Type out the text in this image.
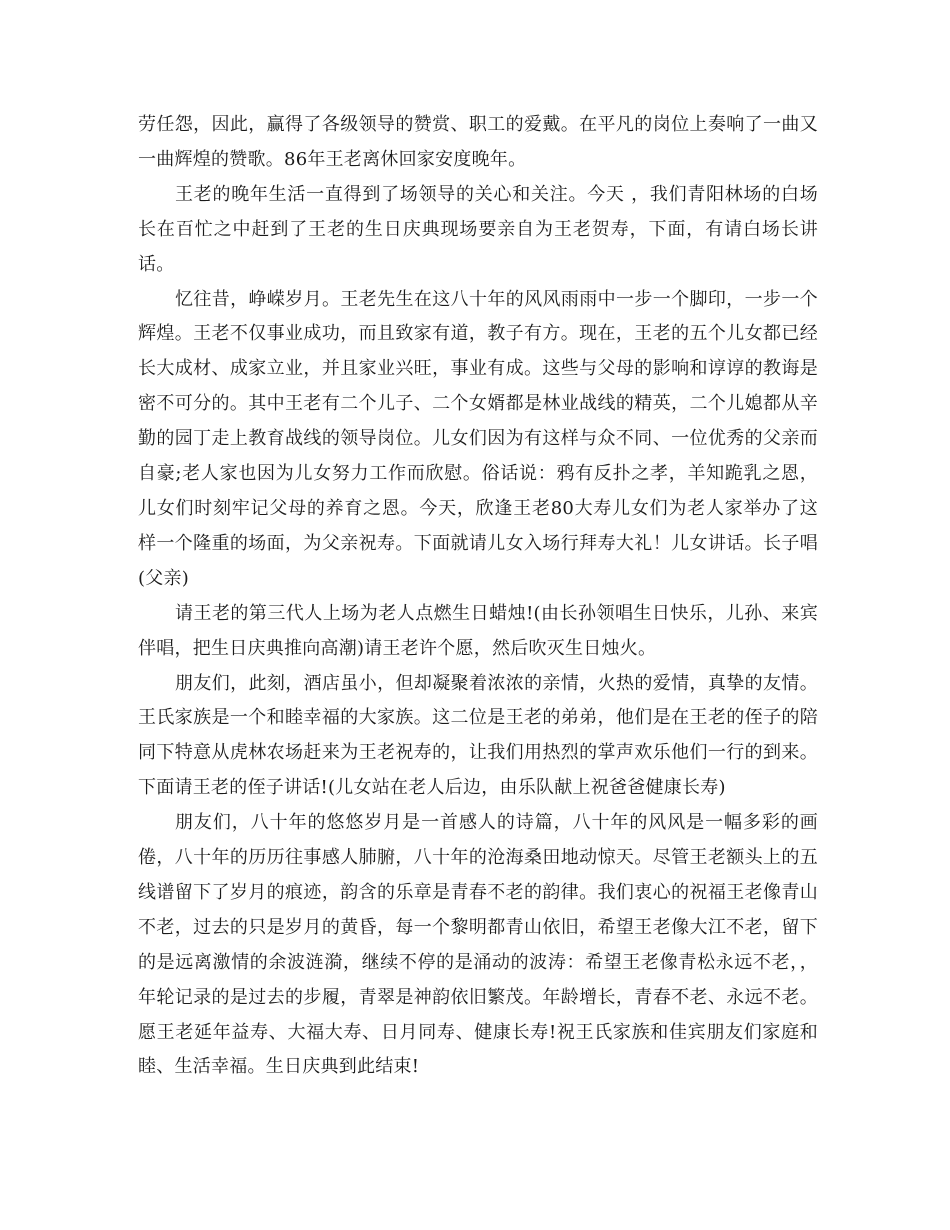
劳任怨，因此，赢得了各级领导的赞赏、职工的爱戴。在平凡的岗位上奏响了一曲又一曲辉煌的赞歌。86年王老离休回家安度晚年。

王老的晚年生活一直得到了场领导的关心和关注。今天 ，我们青阳林场的白场长在百忙之中赶到了王老的生日庆典现场要亲自为王老贺寿，下面，有请白场长讲话。

忆往昔，峥嵘岁月。王老先生在这八十年的风风雨雨中一步一个脚印，一步一个辉煌。王老不仅事业成功，而且致家有道，教子有方。现在，王老的五个儿女都已经长大成材、成家立业，并且家业兴旺，事业有成。这些与父母的影响和谆谆的教诲是密不可分的。其中王老有二个儿子、二个女婿都是林业战线的精英，二个儿媳都从辛勤的园丁走上教育战线的领导岗位。儿女们因为有这样与众不同、一位优秀的父亲而自豪;老人家也因为儿女努力工作而欣慰。俗话说：鸦有反扑之孝，羊知跪乳之恩，儿女们时刻牢记父母的养育之恩。今天，欣逢王老80大寿儿女们为老人家举办了这样一个隆重的场面，为父亲祝寿。下面就请儿女入场行拜寿大礼！儿女讲话。长子唱(父亲)

请王老的第三代人上场为老人点燃生日蜡烛!(由长孙领唱生日快乐，儿孙、来宾伴唱，把生日庆典推向高潮)请王老许个愿，然后吹灭生日烛火。

朋友们，此刻，酒店虽小，但却凝聚着浓浓的亲情，火热的爱情，真挚的友情。王氏家族是一个和睦幸福的大家族。这二位是王老的弟弟，他们是在王老的侄子的陪同下特意从虎林农场赶来为王老祝寿的，让我们用热烈的掌声欢乐他们一行的到来。下面请王老的侄子讲话!(儿女站在老人后边，由乐队献上祝爸爸健康长寿)

朋友们，八十年的悠悠岁月是一首感人的诗篇，八十年的风风是一幅多彩的画倦，八十年的历历往事感人肺腑，八十年的沧海桑田地动惊天。尽管王老额头上的五线谱留下了岁月的痕迹，韵含的乐章是青春不老的韵律。我们衷心的祝福王老像青山不老，过去的只是岁月的黄昏，每一个黎明都青山依旧，希望王老像大江不老，留下的是远离激情的余波涟漪，继续不停的是涌动的波涛：希望王老像青松永远不老，，年轮记录的是过去的步履，青翠是神韵依旧繁茂。年龄增长，青春不老、永远不老。愿王老延年益寿、大福大寿、日月同寿、健康长寿!祝王氏家族和佳宾朋友们家庭和睦、生活幸福。生日庆典到此结束!
